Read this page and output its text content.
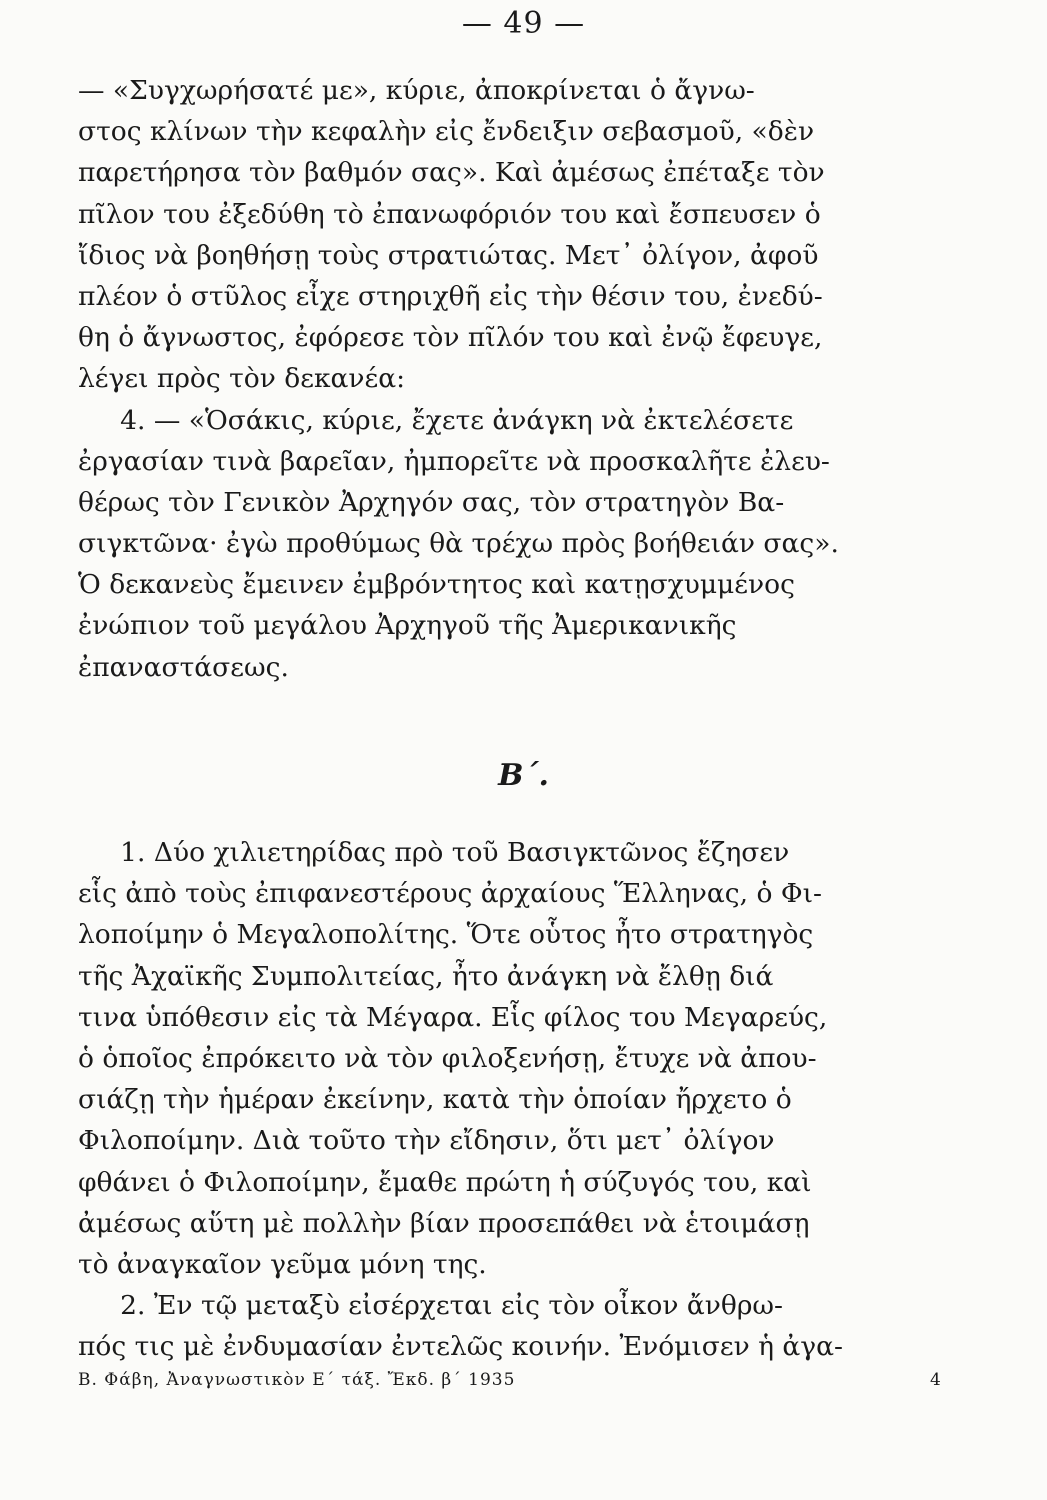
— 49 —
— «Συγχωρήσατέ με», κύριε, ἀποκρίνεται ὁ ἄγνω-
στος κλίνων τὴν κεφαλὴν εἰς ἔνδειξιν σεβασμοῦ, «δὲν
παρετήρησα τὸν βαθμόν σας». Καὶ ἀμέσως ἐπέταξε τὸν
πῖλον του ἐξεδύθη τὸ ἐπανωφόριόν του καὶ ἔσπευσεν ὁ
ἴδιος νὰ βοηθήσῃ τοὺς στρατιώτας. Μετ᾽ ὀλίγον, ἀφοῦ
πλέον ὁ στῦλος εἶχε στηριχθῆ εἰς τὴν θέσιν του, ἐνεδύ-
θη ὁ ἄγνωστος, ἐφόρεσε τὸν πῖλόν του καὶ ἐνῷ ἔφευγε,
λέγει πρὸς τὸν δεκανέα:
4. — «Ὁσάκις, κύριε, ἔχετε ἀνάγκη νὰ ἐκτελέσετε
ἐργασίαν τινὰ βαρεῖαν, ἠμπορεῖτε νὰ προσκαλῆτε ἐλευ-
θέρως τὸν Γενικὸν Ἀρχηγόν σας, τὸν στρατηγὸν Βα-
σιγκτῶνα· ἐγὼ προθύμως θὰ τρέχω πρὸς βοήθειάν σας».
Ὁ δεκανεὺς ἔμεινεν ἐμβρόντητος καὶ κατῃσχυμμένος
ἐνώπιον τοῦ μεγάλου Ἀρχηγοῦ τῆς Ἀμερικανικῆς
ἐπαναστάσεως.
Β΄.
1. Δύο χιλιετηρίδας πρὸ τοῦ Βασιγκτῶνος ἔζησεν
εἷς ἀπὸ τοὺς ἐπιφανεστέρους ἀρχαίους Ἕλληνας, ὁ Φι-
λοποίμην ὁ Μεγαλοπολίτης. Ὅτε οὗτος ἦτο στρατηγὸς
τῆς Ἀχαϊκῆς Συμπολιτείας, ἦτο ἀνάγκη νὰ ἔλθῃ διά
τινα ὑπόθεσιν εἰς τὰ Μέγαρα. Εἷς φίλος του Μεγαρεύς,
ὁ ὁποῖος ἐπρόκειτο νὰ τὸν φιλοξενήσῃ, ἔτυχε νὰ ἀπου-
σιάζῃ τὴν ἡμέραν ἐκείνην, κατὰ τὴν ὁποίαν ἤρχετο ὁ
Φιλοποίμην. Διὰ τοῦτο τὴν εἴδησιν, ὅτι μετ᾽ ὀλίγον
φθάνει ὁ Φιλοποίμην, ἔμαθε πρώτη ἡ σύζυγός του, καὶ
ἀμέσως αὕτη μὲ πολλὴν βίαν προσεπάθει νὰ ἑτοιμάσῃ
τὸ ἀναγκαῖον γεῦμα μόνη της.
2. Ἐν τῷ μεταξὺ εἰσέρχεται εἰς τὸν οἶκον ἄνθρω-
πός τις μὲ ἐνδυμασίαν ἐντελῶς κοινήν. Ἐνόμισεν ἡ ἀγα-
Β. Φάβη, Ἀναγνωστικὸν Ε΄ τάξ. Ἔκδ. β΄ 1935	4
